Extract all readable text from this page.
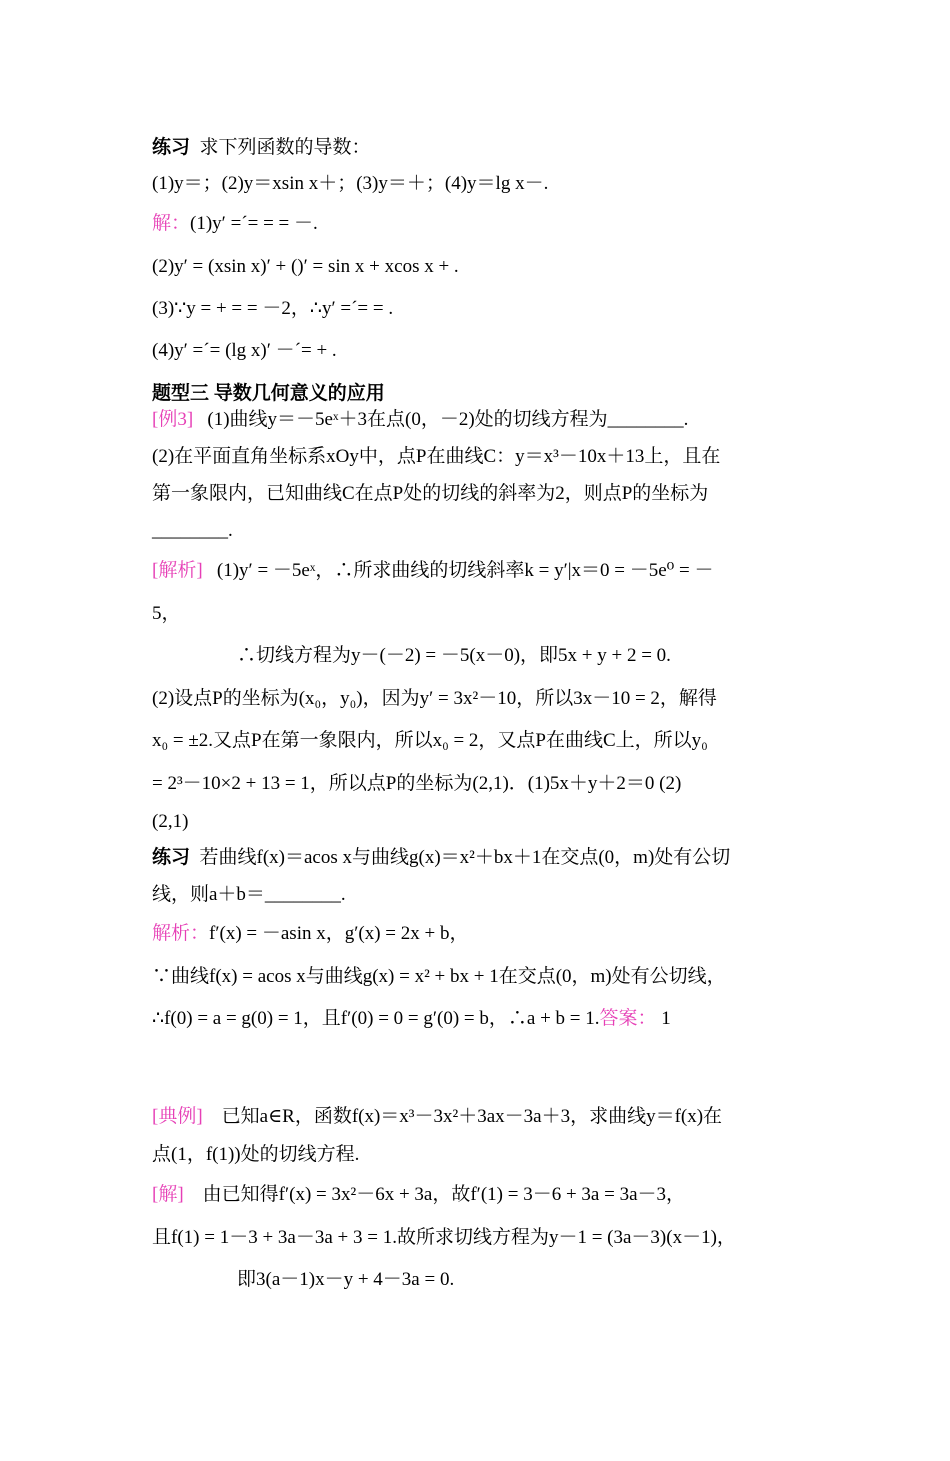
练习 求下列函数的导数：
(1)y＝；(2)y＝xsin x＋；(3)y＝＋；(4)y＝lg x－.
解：(1)y′ =´= = = －.
(2)y′ = (xsin x)′ + ()′ = sin x + xcos x + .
(3)∵y = + = = －2，∴y′ =´= = .
(4)y′ =´= (lg x)′ －´= + .
题型三 导数几何意义的应用
[例3] (1)曲线y＝－5eˣ＋3在点(0，－2)处的切线方程为________.
(2)在平面直角坐标系xOy中，点P在曲线C：y＝x³－10x＋13上，且在
第一象限内，已知曲线C在点P处的切线的斜率为2，则点P的坐标为
________.
[解析] (1)y′ = －5eˣ，∴所求曲线的切线斜率k = y′|x＝0 = －5e⁰ = －
5，
∴切线方程为y－(－2) = －5(x－0)，即5x + y + 2 = 0.
(2)设点P的坐标为(x₀，y₀)，因为y′ = 3x²－10，所以3x－10 = 2，解得
x₀ = ±2.又点P在第一象限内，所以x₀ = 2，又点P在曲线C上，所以y₀
= 2³－10×2 + 13 = 1，所以点P的坐标为(2,1)．(1)5x＋y＋2＝0 (2)
(2,1)
练习 若曲线f(x)＝acos x与曲线g(x)＝x²＋bx＋1在交点(0，m)处有公切
线，则a＋b＝________.
解析：f′(x) = －asin x，g′(x) = 2x + b，
∵曲线f(x) = acos x与曲线g(x) = x² + bx + 1在交点(0，m)处有公切线，
∴f(0) = a = g(0) = 1，且f′(0) = 0 = g′(0) = b，∴a + b = 1.答案： 1
[典例] 已知a∈R，函数f(x)＝x³－3x²＋3ax－3a＋3，求曲线y＝f(x)在
点(1，f(1))处的切线方程.
[解] 由已知得f′(x) = 3x²－6x + 3a，故f′(1) = 3－6 + 3a = 3a－3，
且f(1) = 1－3 + 3a－3a + 3 = 1.故所求切线方程为y－1 = (3a－3)(x－1)，
即3(a－1)x－y + 4－3a = 0.
